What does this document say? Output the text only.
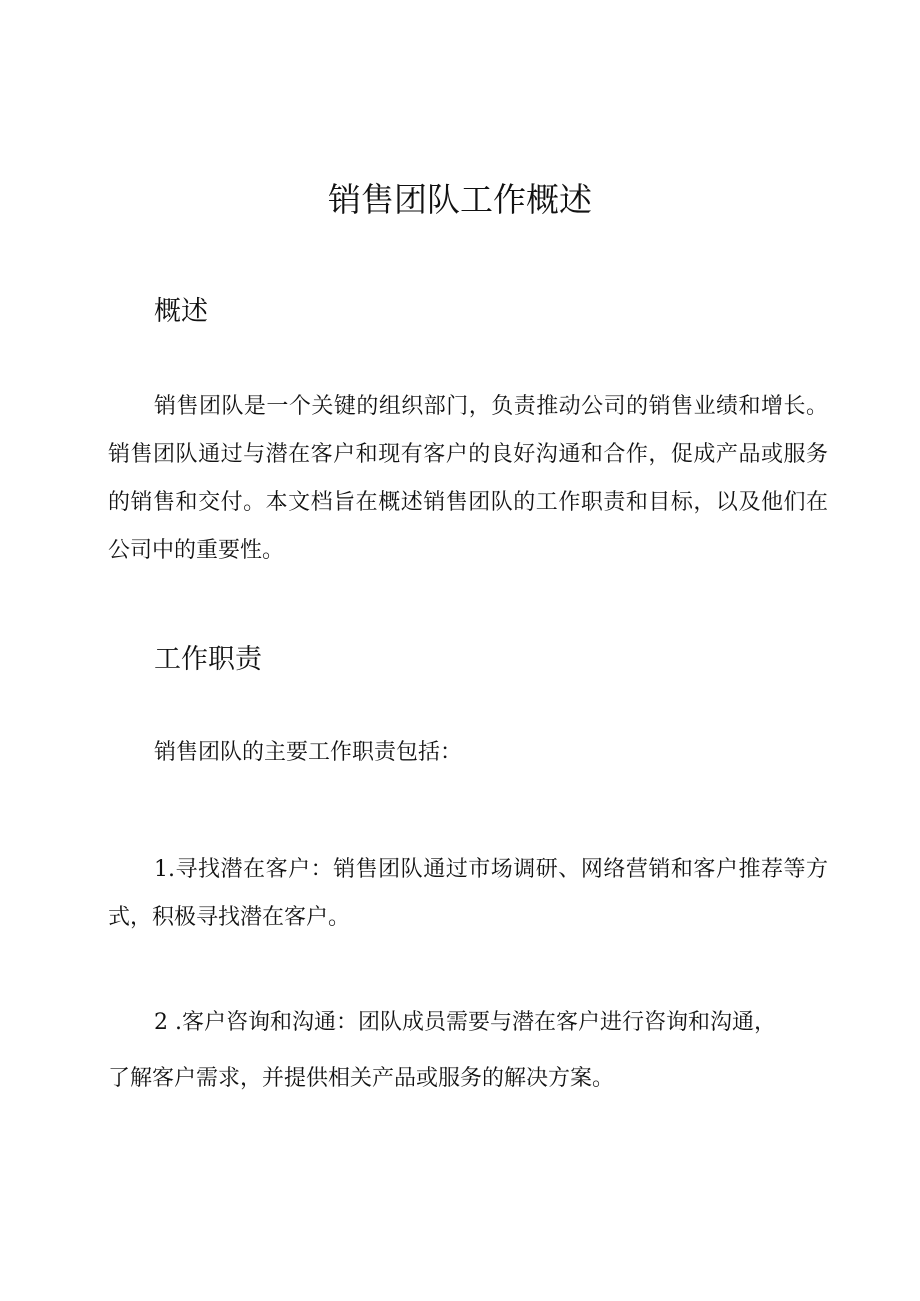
销售团队工作概述
概述

销售团队是一个关键的组织部门，负责推动公司的销售业绩和增长。销售团队通过与潜在客户和现有客户的良好沟通和合作，促成产品或服务的销售和交付。本文档旨在概述销售团队的工作职责和目标，以及他们在公司中的重要性。

工作职责

销售团队的主要工作职责包括：

1.寻找潜在客户：销售团队通过市场调研、网络营销和客户推荐等方式，积极寻找潜在客户。

2 .客户咨询和沟通：团队成员需要与潜在客户进行咨询和沟通，

了解客户需求，并提供相关产品或服务的解决方案。
